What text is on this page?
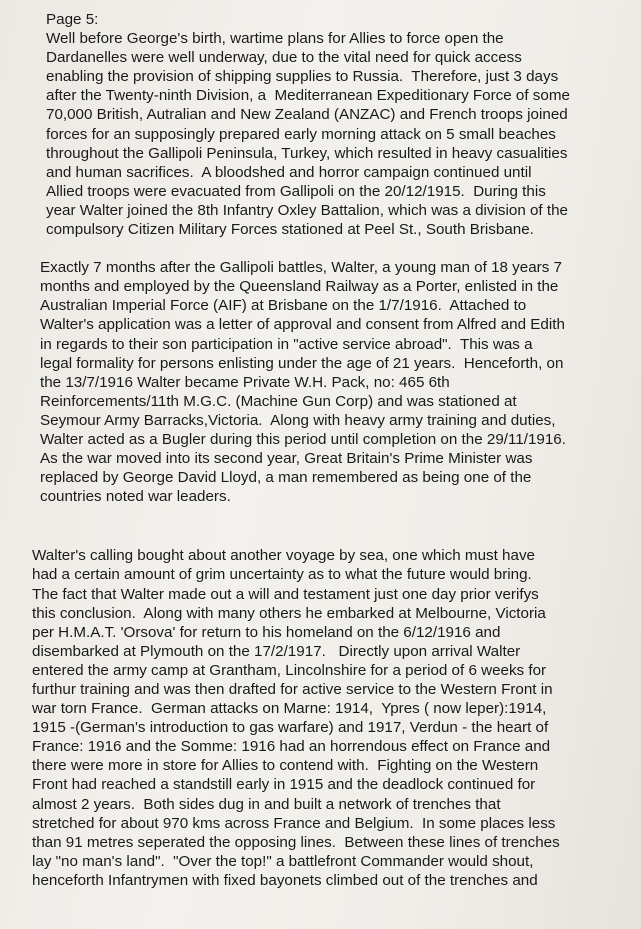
Page 5:

Well before George's birth, wartime plans for Allies to force open the
Dardanelles were well underway, due to the vital need for quick access
enabling the provision of shipping supplies to Russia.  Therefore, just 3 days
after the Twenty-ninth Division, a  Mediterranean Expeditionary Force of some
70,000 British, Autralian and New Zealand (ANZAC) and French troops joined
forces for an supposingly prepared early morning attack on 5 small beaches
throughout the Gallipoli Peninsula, Turkey, which resulted in heavy casualities
and human sacrifices.  A bloodshed and horror campaign continued until
Allied troops were evacuated from Gallipoli on the 20/12/1915.  During this
year Walter joined the 8th Infantry Oxley Battalion, which was a division of the
compulsory Citizen Military Forces stationed at Peel St., South Brisbane.
Exactly 7 months after the Gallipoli battles, Walter, a young man of 18 years 7
months and employed by the Queensland Railway as a Porter, enlisted in the
Australian Imperial Force (AIF) at Brisbane on the 1/7/1916.  Attached to
Walter's application was a letter of approval and consent from Alfred and Edith
in regards to their son participation in "active service abroad".  This was a
legal formality for persons enlisting under the age of 21 years.  Henceforth, on
the 13/7/1916 Walter became Private W.H. Pack, no: 465 6th
Reinforcements/11th M.G.C. (Machine Gun Corp) and was stationed at
Seymour Army Barracks,Victoria.  Along with heavy army training and duties,
Walter acted as a Bugler during this period until completion on the 29/11/1916.
As the war moved into its second year, Great Britain's Prime Minister was
replaced by George David Lloyd, a man remembered as being one of the
countries noted war leaders.
Walter's calling bought about another voyage by sea, one which must have
had a certain amount of grim uncertainty as to what the future would bring.
The fact that Walter made out a will and testament just one day prior verifys
this conclusion.  Along with many others he embarked at Melbourne, Victoria
per H.M.A.T. 'Orsova' for return to his homeland on the 6/12/1916 and
disembarked at Plymouth on the 17/2/1917.   Directly upon arrival Walter
entered the army camp at Grantham, Lincolnshire for a period of 6 weeks for
furthur training and was then drafted for active service to the Western Front in
war torn France.  German attacks on Marne: 1914,  Ypres ( now leper):1914,
1915 -(German's introduction to gas warfare) and 1917, Verdun - the heart of
France: 1916 and the Somme: 1916 had an horrendous effect on France and
there were more in store for Allies to contend with.  Fighting on the Western
Front had reached a standstill early in 1915 and the deadlock continued for
almost 2 years.  Both sides dug in and built a network of trenches that
stretched for about 970 kms across France and Belgium.  In some places less
than 91 metres seperated the opposing lines.  Between these lines of trenches
lay "no man's land".  "Over the top!" a battlefront Commander would shout,
henceforth Infantrymen with fixed bayonets climbed out of the trenches and
